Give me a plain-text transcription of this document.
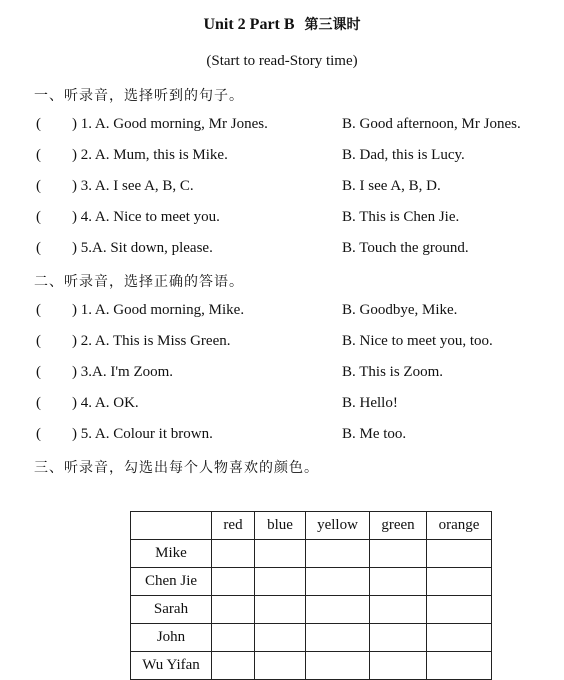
Unit 2 Part B 第三课时
(Start to read-Story time)
一、听录音，选择听到的句子。
( ) 1. A. Good morning, Mr Jones.	B. Good afternoon, Mr Jones.
( ) 2. A. Mum, this is Mike.	B. Dad, this is Lucy.
( ) 3. A. I see A, B, C.	B. I see A, B, D.
( ) 4. A. Nice to meet you.	B. This is Chen Jie.
( ) 5.A. Sit down, please.	B. Touch the ground.
二、听录音，选择正确的答语。
( ) 1. A. Good morning, Mike.	B. Goodbye, Mike.
( ) 2. A. This is Miss Green.	B. Nice to meet you, too.
( ) 3.A. I'm Zoom.	B. This is Zoom.
( ) 4. A. OK.	B. Hello!
( ) 5. A. Colour it brown.	B. Me too.
三、听录音，勾选出每个人物喜欢的颜色。
	red	blue	yellow	green	orange
Mike					
Chen Jie					
Sarah					
John					
Wu Yifan					
